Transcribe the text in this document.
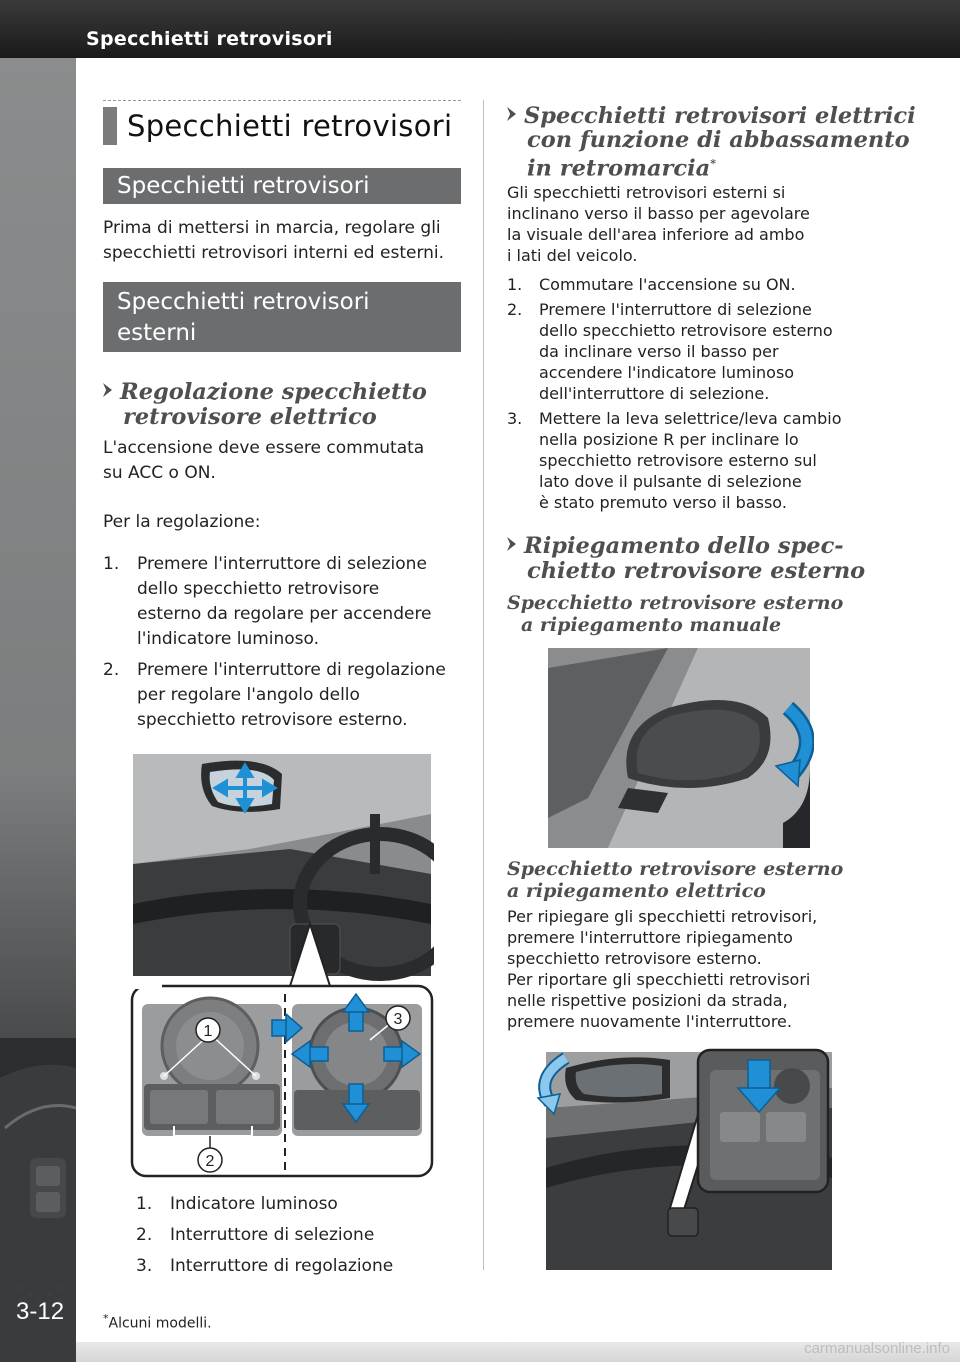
Specchietti retrovisori
3-12
carmanualsonline.info
Specchietti retrovisori
Specchietti retrovisori
Prima di mettersi in marcia, regolare gli
specchietti retrovisori interni ed esterni.
Specchietti retrovisori
esterni
Regolazione specchietto
retrovisore elettrico
L'accensione deve essere commutata
su ACC o ON.
Per la regolazione:
1. Premere l'interruttore di selezione
dello specchietto retrovisore
esterno da regolare per accendere
l'indicatore luminoso.
2. Premere l'interruttore di regolazione
per regolare l'angolo dello
specchietto retrovisore esterno.
1
2
3
1. Indicatore luminoso
2. Interruttore di selezione
3. Interruttore di regolazione
*Alcuni modelli.
Specchietti retrovisori elettrici
con funzione di abbassamento
in retromarcia*
Gli specchietti retrovisori esterni si
inclinano verso il basso per agevolare
la visuale dell'area inferiore ad ambo
i lati del veicolo.
1. Commutare l'accensione su ON.
2. Premere l'interruttore di selezione
dello specchietto retrovisore esterno
da inclinare verso il basso per
accendere l'indicatore luminoso
dell'interruttore di selezione.
3. Mettere la leva selettrice/leva cambio
nella posizione R per inclinare lo
specchietto retrovisore esterno sul
lato dove il pulsante di selezione
è stato premuto verso il basso.
Ripiegamento dello spec-
chietto retrovisore esterno
Specchietto retrovisore esterno
a ripiegamento manuale
Specchietto retrovisore esterno
a ripiegamento elettrico
Per ripiegare gli specchietti retrovisori,
premere l'interruttore ripiegamento
specchietto retrovisore esterno.
Per riportare gli specchietti retrovisori
nelle rispettive posizioni da strada,
premere nuovamente l'interruttore.
